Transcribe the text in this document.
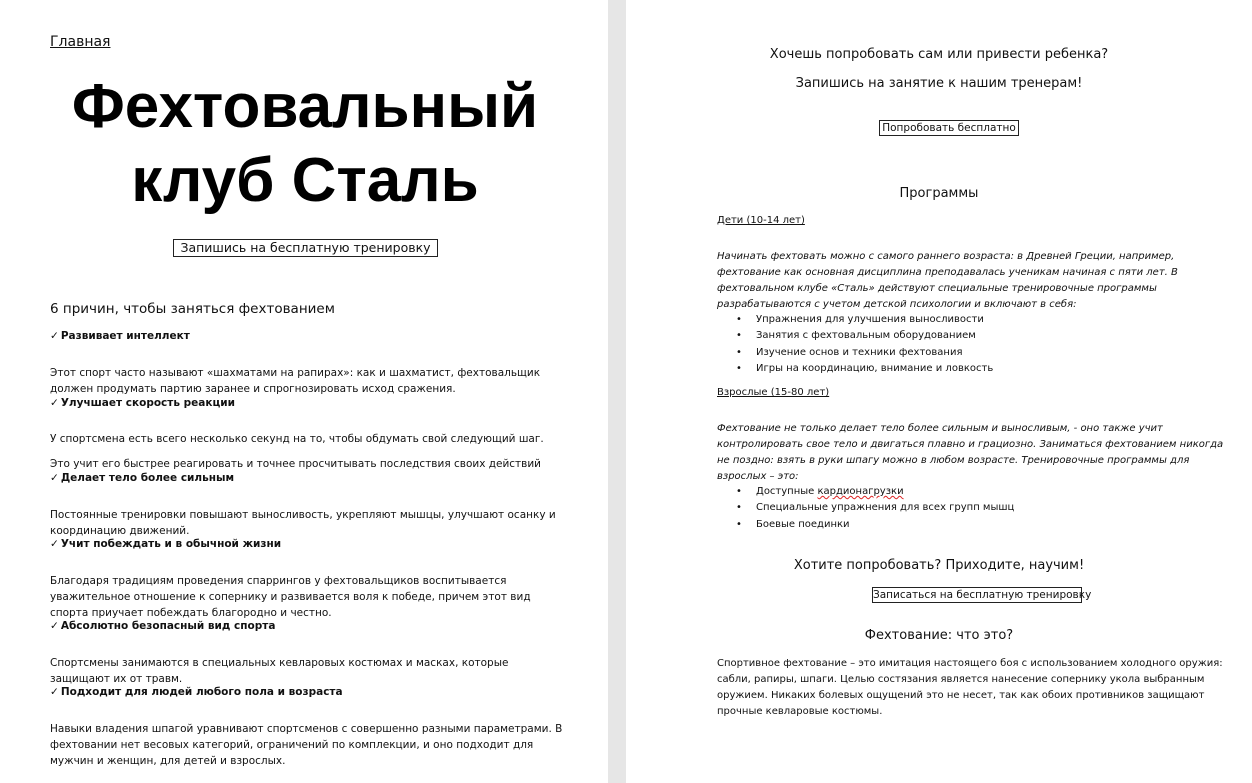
Главная
Фехтовальный
клуб Сталь
Запишись на бесплатную тренировку
6 причин, чтобы заняться фехтованием
✓ Развивает интеллект

Этот спорт часто называют «шахматами на рапирах»: как и шахматист, фехтовальщик должен продумать партию заранее и спрогнозировать исход сражения.

✓ Улучшает скорость реакции

У спортсмена есть всего несколько секунд на то, чтобы обдумать свой следующий шаг.

Это учит его быстрее реагировать и точнее просчитывать последствия своих действий

✓ Делает тело более сильным

Постоянные тренировки повышают выносливость, укрепляют мышцы, улучшают осанку и координацию движений.

✓ Учит побеждать и в обычной жизни

Благодаря традициям проведения спаррингов у фехтовальщиков воспитывается уважительное отношение к сопернику и развивается воля к победе, причем этот вид спорта приучает побеждать благородно и честно.

✓ Абсолютно безопасный вид спорта

Спортсмены занимаются в специальных кевларовых костюмах и масках, которые защищают их от травм.

✓ Подходит для людей любого пола и возраста

Навыки владения шпагой уравнивают спортсменов с совершенно разными параметрами. В фехтовании нет весовых категорий, ограничений по комплекции, и оно подходит для мужчин и женщин, для детей и взрослых.

Хочешь попробовать сам или привести ребенка?

Запишись на занятие к нашим тренерам!

Попробовать бесплатно
Программы
Дети (10-14 лет)

Начинать фехтовать можно с самого раннего возраста: в Древней Греции, например, фехтование как основная дисциплина преподавалась ученикам начиная с пяти лет. В фехтовальном клубе «Сталь» действуют специальные тренировочные программы разрабатываются с учетом детской психологии и включают в себя:

• Упражнения для улучшения выносливости
• Занятия с фехтовальным оборудованием
• Изучение основ и техники фехтования
• Игры на координацию, внимание и ловкость
Взрослые (15-80 лет)

Фехтование не только делает тело более сильным и выносливым, - оно также учит контролировать свое тело и двигаться плавно и грациозно. Заниматься фехтованием никогда не поздно: взять в руки шпагу можно в любом возрасте. Тренировочные программы для взрослых – это:

• Доступные кардионагрузки
• Специальные упражнения для всех групп мышц
• Боевые поединки
Хотите попробовать? Приходите, научим!
Записаться на бесплатную тренировку
Фехтование: что это?

Спортивное фехтование – это имитация настоящего боя с использованием холодного оружия: сабли, рапиры, шпаги. Целью состязания является нанесение сопернику укола выбранным оружием. Никаких болевых ощущений это не несет, так как обоих противников защищают прочные кевларовые костюмы.
